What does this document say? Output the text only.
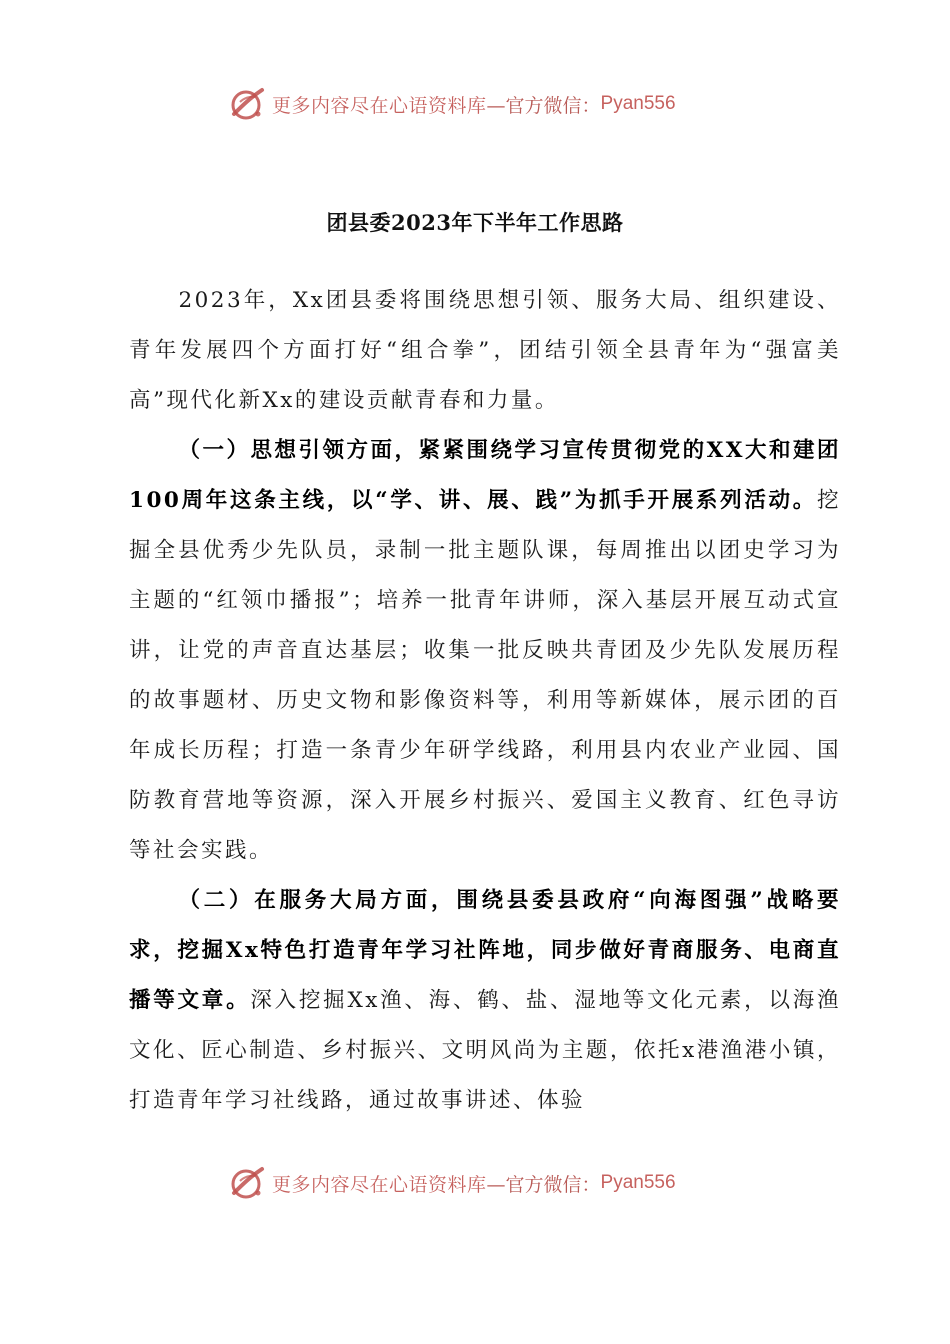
更多内容尽在心语资料库 —官方微信： Pyan556
团县委2023年下半年工作思路

2023年，Xx团县委将围绕思想引领、服务大局、组织建设、青年发展四个方面打好“组合拳”，团结引领全县青年为“强富美高”现代化新Xx的建设贡献青春和力量。

（一）思想引领方面，紧紧围绕学习宣传贯彻党的XX大和建团100周年这条主线，以“学、讲、展、践”为抓手开展系列活动。挖掘全县优秀少先队员，录制一批主题队课，每周推出以团史学习为主题的“红领巾播报”；培养一批青年讲师，深入基层开展互动式宣讲，让党的声音直达基层；收集一批反映共青团及少先队发展历程的故事题材、历史文物和影像资料等，利用等新媒体，展示团的百年成长历程；打造一条青少年研学线路，利用县内农业产业园、国防教育营地等资源，深入开展乡村振兴、爱国主义教育、红色寻访等社会实践。

（二）在服务大局方面，围绕县委县政府“向海图强”战略要求，挖掘Xx特色打造青年学习社阵地，同步做好青商服务、电商直播等文章。深入挖掘Xx渔、海、鹤、盐、湿地等文化元素，以海渔文化、匠心制造、乡村振兴、文明风尚为主题，依托x港渔港小镇，打造青年学习社线路，通过故事讲述、体验

更多内容尽在心语资料库 —官方微信： Pyan556
